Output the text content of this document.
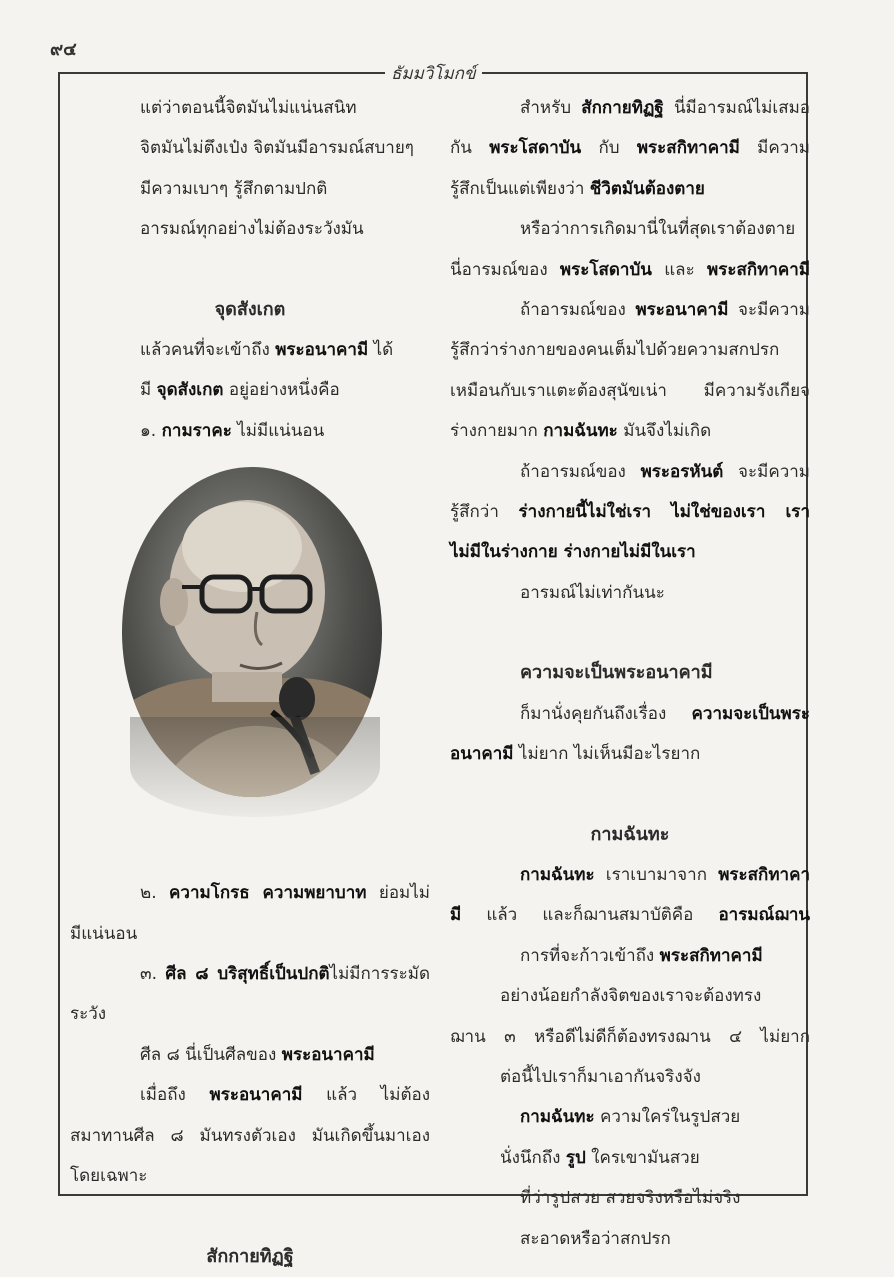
๙๔
ธัมมวิโมกข์

แต่ว่าตอนนี้จิตมันไม่แน่นสนิท

จิตมันไม่ตึงเป๋ง จิตมันมีอารมณ์สบายๆ

มีความเบาๆ รู้สึกตามปกติ

อารมณ์ทุกอย่างไม่ต้องระวังมัน

จุดสังเกต

แล้วคนที่จะเข้าถึง พระอนาคามี ได้

มี จุดสังเกต อยู่อย่างหนึ่งคือ

๑. กามราคะ ไม่มีแน่นอน

๒. ความโกรธ ความพยาบาท ย่อมไม่

มีแน่นอน

๓. ศีล ๘ บริสุทธิ์เป็นปกติไม่มีการระมัด

ระวัง

ศีล ๘ นี่เป็นศีลของ พระอนาคามี

เมื่อถึง พระอนาคามี แล้ว ไม่ต้อง

สมาทานศีล ๘ มันทรงตัวเอง มันเกิดขึ้นมาเอง

โดยเฉพาะ

สักกายทิฏฐิ

สำหรับ สักกายทิฏฐิ นี่มีอารมณ์ไม่เสมอ

กัน พระโสดาบัน กับ พระสกิทาคามี มีความ

รู้สึกเป็นแต่เพียงว่า ชีวิตมันต้องตาย

หรือว่าการเกิดมานี่ในที่สุดเราต้องตาย

นี่อารมณ์ของ พระโสดาบัน และ พระสกิทาคามี

ถ้าอารมณ์ของ พระอนาคามี จะมีความ

รู้สึกว่าร่างกายของคนเต็มไปด้วยความสกปรก

เหมือนกับเราแตะต้องสุนัขเน่า มีความรังเกียจ

ร่างกายมาก กามฉันทะ มันจึงไม่เกิด

ถ้าอารมณ์ของ พระอรหันต์ จะมีความ

รู้สึกว่า ร่างกายนี้ไม่ใช่เรา ไม่ใช่ของเรา เรา

ไม่มีในร่างกาย ร่างกายไม่มีในเรา

อารมณ์ไม่เท่ากันนะ

ความจะเป็นพระอนาคามี

ก็มานั่งคุยกันถึงเรื่อง ความจะเป็นพระ

อนาคามี ไม่ยาก ไม่เห็นมีอะไรยาก

กามฉันทะ

กามฉันทะ เราเบามาจาก พระสกิทาคา

มี แล้ว และก็ฌานสมาบัติคือ อารมณ์ฌาน

การที่จะก้าวเข้าถึง พระสกิทาคามี

อย่างน้อยกำลังจิตของเราจะต้องทรง

ฌาน ๓ หรือดีไม่ดีก็ต้องทรงฌาน ๔ ไม่ยาก

ต่อนี้ไปเราก็มาเอากันจริงจัง

กามฉันทะ ความใคร่ในรูปสวย

นั่งนึกถึง รูป ใครเขามันสวย

ที่ว่ารูปสวย สวยจริงหรือไม่จริง

สะอาดหรือว่าสกปรก
